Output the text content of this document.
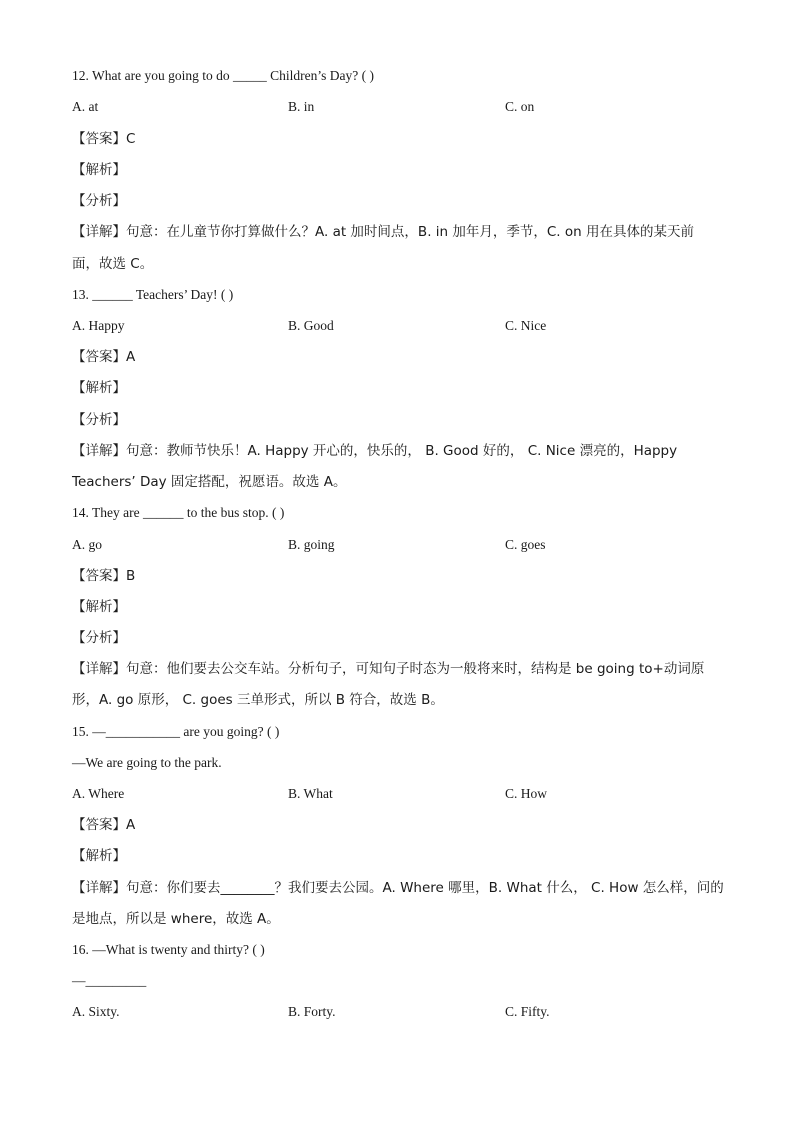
12. What are you going to do _____ Children’s Day? ( )
A. at	B. in	C. on
【答案】C
【解析】
【分析】
【详解】句意：在儿童节你打算做什么？A. at 加时间点，B. in 加年月，季节，C. on 用在具体的某天前
面，故选 C。
13. ______ Teachers’ Day! ( )
A. Happy	B. Good	C. Nice
【答案】A
【解析】
【分析】
【详解】句意：教师节快乐！A. Happy 开心的，快乐的， B. Good 好的， C. Nice 漂亮的，Happy
Teachers’ Day 固定搭配，祝愿语。故选 A。
14. They are ______ to the bus stop. ( )
A. go	B. going	C. goes
【答案】B
【解析】
【分析】
【详解】句意：他们要去公交车站。分析句子，可知句子时态为一般将来时，结构是 be going to+动词原
形，A. go 原形， C. goes 三单形式，所以 B 符合，故选 B。
15. —___________ are you going? ( )
—We are going to the park.
A. Where	B. What	C. How
【答案】A
【解析】
【详解】句意：你们要去________？我们要去公园。A. Where 哪里，B. What 什么， C. How 怎么样，问的
是地点，所以是 where，故选 A。
16. —What is twenty and thirty? ( )
—_________
A. Sixty.	B. Forty.	C. Fifty.
